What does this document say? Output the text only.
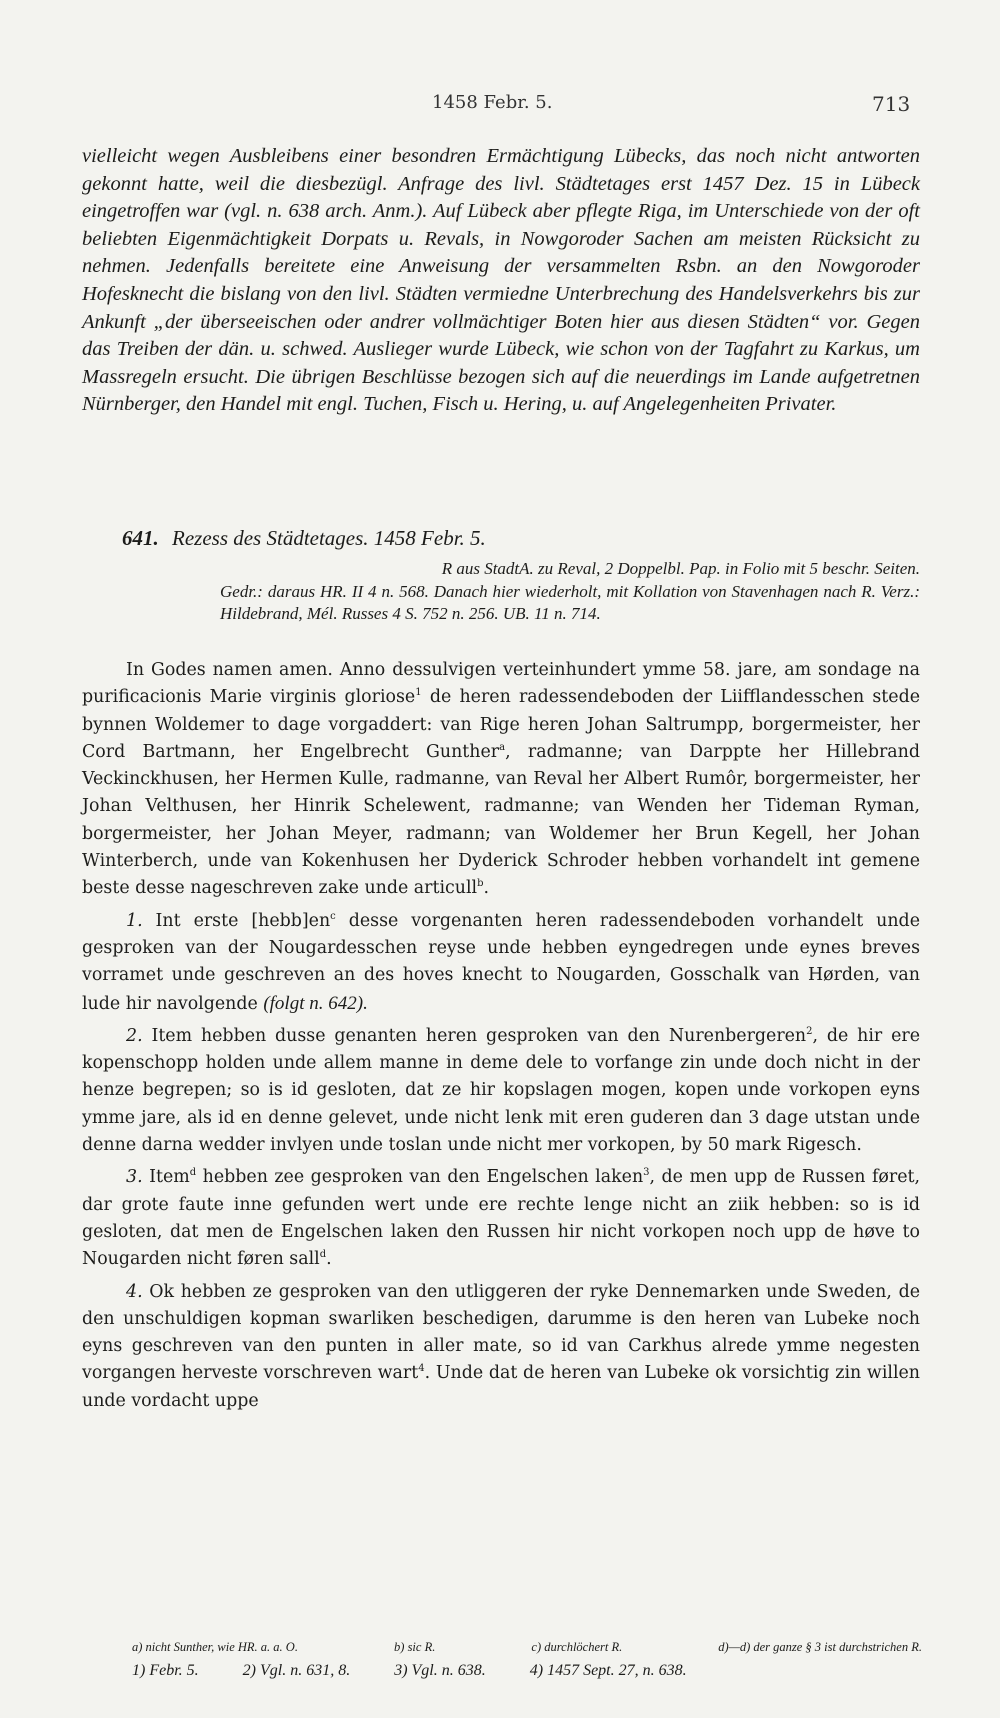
1458 Febr. 5.	713
vielleicht wegen Ausbleibens einer besondren Ermächtigung Lübecks, das noch nicht antworten gekonnt hatte, weil die diesbezügl. Anfrage des livl. Städtetages erst 1457 Dez. 15 in Lübeck eingetroffen war (vgl. n. 638 arch. Anm.). Auf Lübeck aber pflegte Riga, im Unterschiede von der oft beliebten Eigenmächtigkeit Dorpats u. Revals, in Nowgoroder Sachen am meisten Rücksicht zu nehmen. Jedenfalls bereitete eine Anweisung der versammelten Rsbn. an den Nowgoroder Hofesknecht die bislang von den livl. Städten vermiedne Unterbrechung des Handelsverkehrs bis zur Ankunft „der überseeischen oder andrer vollmächtiger Boten hier aus diesen Städten“ vor. Gegen das Treiben der dän. u. schwed. Auslieger wurde Lübeck, wie schon von der Tagfahrt zu Karkus, um Massregeln ersucht. Die übrigen Beschlüsse bezogen sich auf die neuerdings im Lande aufgetretnen Nürnberger, den Handel mit engl. Tuchen, Fisch u. Hering, u. auf Angelegenheiten Privater.
641. Rezess des Städtetages. 1458 Febr. 5.
R aus StadtA. zu Reval, 2 Doppelbl. Pap. in Folio mit 5 beschr. Seiten.
Gedr.: daraus HR. II 4 n. 568. Danach hier wiederholt, mit Kollation von Stavenhagen nach R. Verz.: Hildebrand, Mél. Russes 4 S. 752 n. 256. UB. 11 n. 714.

In Godes namen amen. Anno dessulvigen verteinhundert ymme 58. jare, am sondage na purificacionis Marie virginis gloriose$^1$ de heren radessendeboden der Liifflandesschen stede bynnen Woldemer to dage vorgaddert: van Rige heren Johan Saltrumpp, borgermeister, her Cord Bartmann, her Engelbrecht Gunther$^a$, radmanne; van Darppte her Hillebrand Veckinckhusen, her Hermen Kulle, radmanne, van Reval her Albert Rumôr, borgermeister, her Johan Velthusen, her Hinrik Schelewent, radmanne; van Wenden her Tideman Ryman, borgermeister, her Johan Meyer, radmann; van Woldemer her Brun Kegell, her Johan Winterberch, unde van Kokenhusen her Dyderick Schroder hebben vorhandelt int gemene beste desse nageschreven zake unde articull$^b$.

1. Int erste $[hebb]en^c$ desse vorgenanten heren radessendeboden vorhandelt unde gesproken van der Nougardesschen reyse unde hebben eyngedregen unde eynes breves vorramet unde geschreven an des hoves knecht to Nougarden, Gosschalk van Hørden, van lude hir navolgende (folgt n. 642).

2. Item hebben dusse genanten heren gesproken van den Nurenbergeren$^2$, de hir ere kopenschopp holden unde allem manne in deme dele to vorfange zin unde doch nicht in der henze begrepen; so is id gesloten, dat ze hir kopslagen mogen, kopen unde vorkopen eyns ymme jare, als id en denne gelevet, unde nicht lenk mit eren guderen dan 3 dage utstan unde denne darna wedder invlyen unde toslan unde nicht mer vorkopen, by 50 mark Rigesch.

3. Item$^d$ hebben zee gesproken van den Engelschen laken$^3$, de men upp de Russen føret, dar grote faute inne gefunden wert unde ere rechte lenge nicht an ziik hebben: so is id gesloten, dat men de Engelschen laken den Russen hir nicht vorkopen noch upp de høve to Nougarden nicht føren sall$^d$.

4. Ok hebben ze gesproken van den utliggeren der ryke Dennemarken unde Sweden, de den unschuldigen kopman swarliken beschedigen, darumme is den heren van Lubeke noch eyns geschreven van den punten in aller mate, so id van Carkhus alrede ymme negesten vorgangen herveste vorschreven wart$^4$. Unde dat de heren van Lubeke ok vorsichtig zin willen unde vordacht uppe

a) nicht Sunther, wie HR. a. a. O.	b) sic R.	c) durchlöchert R.	d)—d) der ganze § 3 ist durchstrichen R.
1) Febr. 5.	2) Vgl. n. 631, 8.	3) Vgl. n. 638.	4) 1457 Sept. 27, n. 638.
